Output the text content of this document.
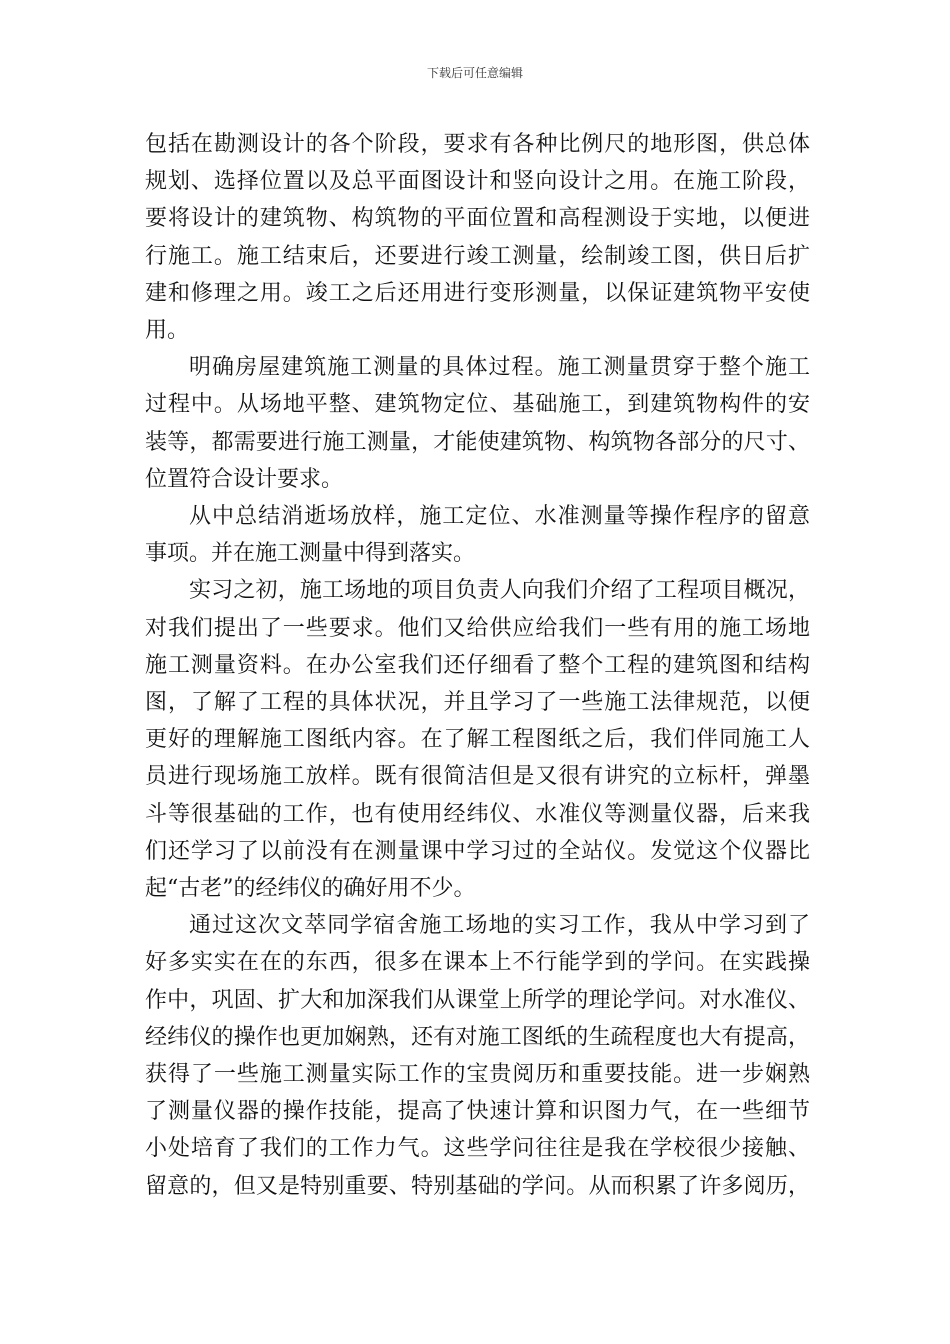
下载后可任意编辑
包括在勘测设计的各个阶段，要求有各种比例尺的地形图，供总体
规划、选择位置以及总平面图设计和竖向设计之用。在施工阶段，
要将设计的建筑物、构筑物的平面位置和高程测设于实地，以便进
行施工。施工结束后，还要进行竣工测量，绘制竣工图，供日后扩
建和修理之用。竣工之后还用进行变形测量，以保证建筑物平安使
用。
明确房屋建筑施工测量的具体过程。施工测量贯穿于整个施工
过程中。从场地平整、建筑物定位、基础施工，到建筑物构件的安
装等，都需要进行施工测量，才能使建筑物、构筑物各部分的尺寸、
位置符合设计要求。
从中总结消逝场放样，施工定位、水准测量等操作程序的留意
事项。并在施工测量中得到落实。
实习之初，施工场地的项目负责人向我们介绍了工程项目概况，
对我们提出了一些要求。他们又给供应给我们一些有用的施工场地
施工测量资料。在办公室我们还仔细看了整个工程的建筑图和结构
图，了解了工程的具体状况，并且学习了一些施工法律规范，以便
更好的理解施工图纸内容。在了解工程图纸之后，我们伴同施工人
员进行现场施工放样。既有很简洁但是又很有讲究的立标杆，弹墨
斗等很基础的工作，也有使用经纬仪、水准仪等测量仪器，后来我
们还学习了以前没有在测量课中学习过的全站仪。发觉这个仪器比
起“古老”的经纬仪的确好用不少。
通过这次文萃同学宿舍施工场地的实习工作，我从中学习到了
好多实实在在的东西，很多在课本上不行能学到的学问。在实践操
作中，巩固、扩大和加深我们从课堂上所学的理论学问。对水准仪、
经纬仪的操作也更加娴熟，还有对施工图纸的生疏程度也大有提高，
获得了一些施工测量实际工作的宝贵阅历和重要技能。进一步娴熟
了测量仪器的操作技能，提高了快速计算和识图力气，在一些细节
小处培育了我们的工作力气。这些学问往往是我在学校很少接触、
留意的，但又是特别重要、特别基础的学问。从而积累了许多阅历，
